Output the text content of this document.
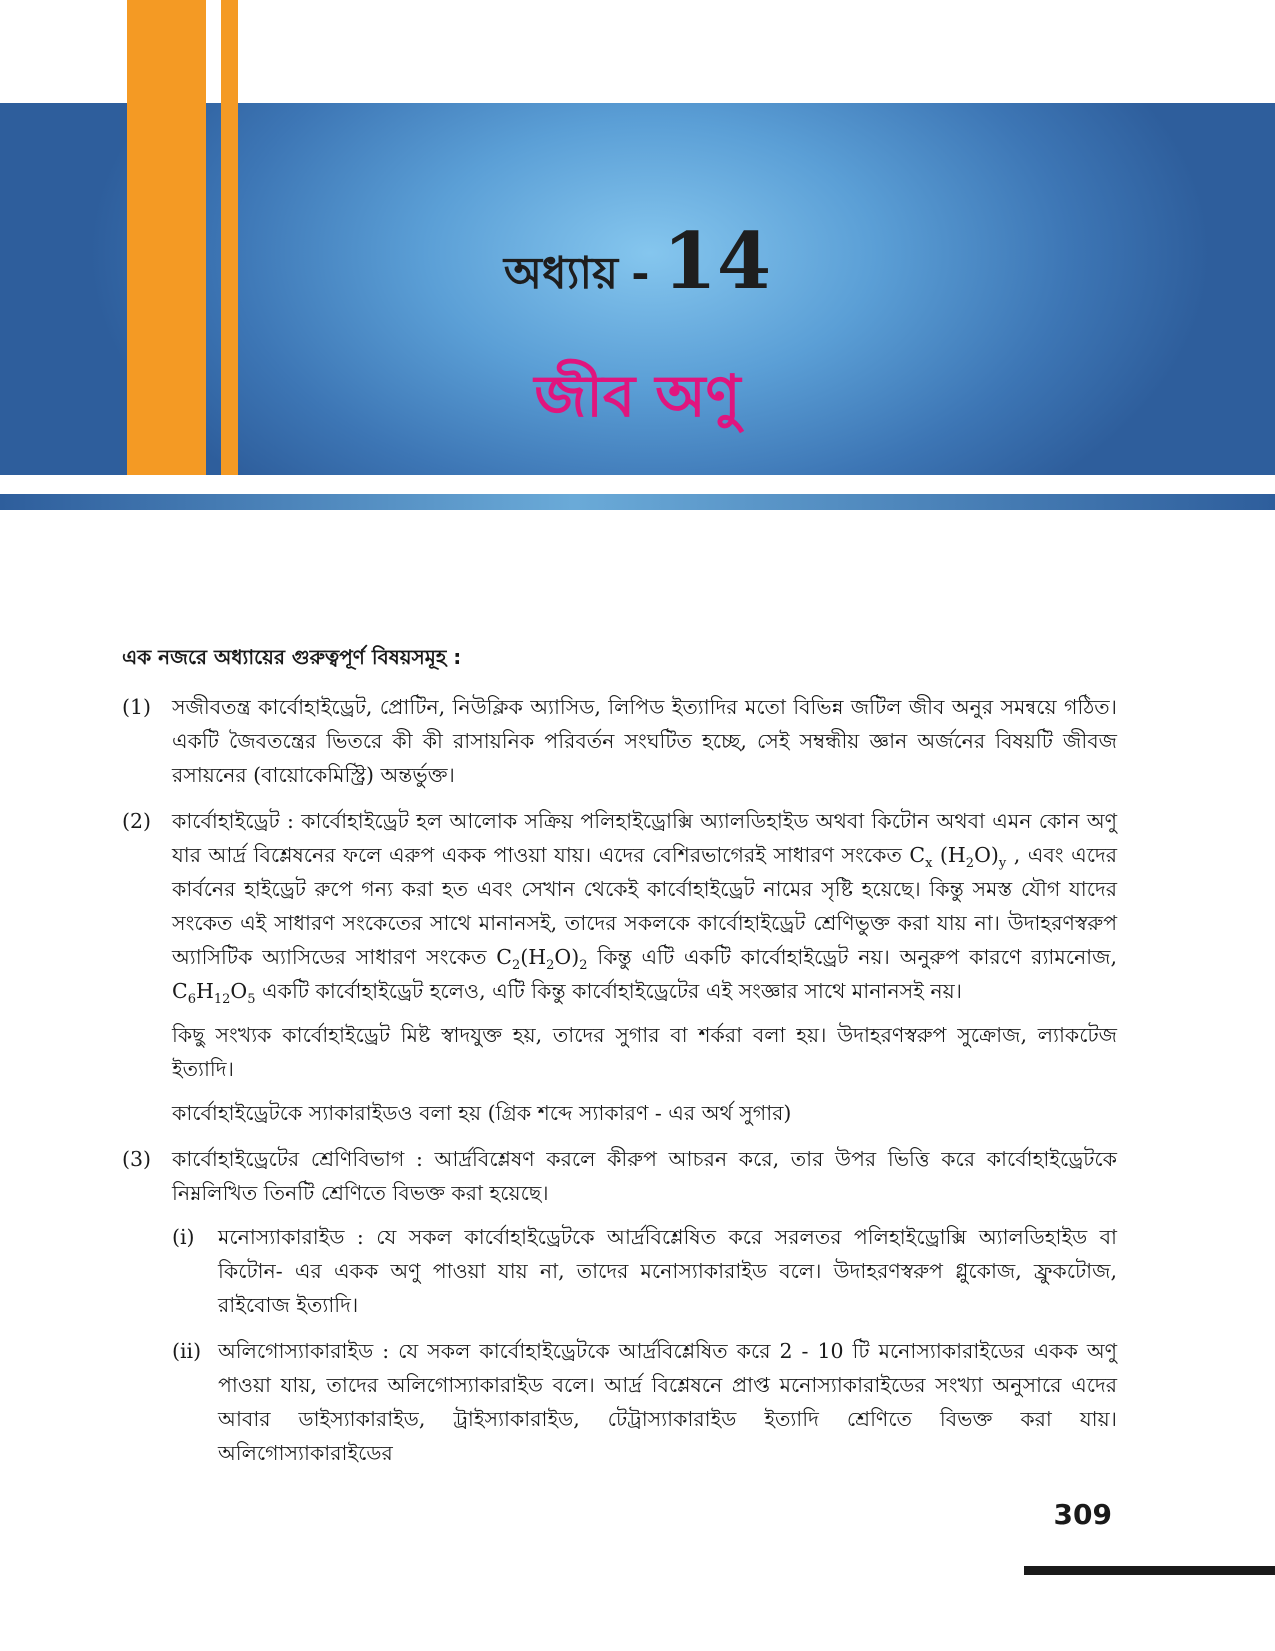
অধ্যায় - 14
জীব অণু
এক নজরে অধ্যায়ের গুরুত্বপূর্ণ বিষয়সমূহ :
(1) সজীবতন্ত্র কার্বোহাইড্রেট, প্রোটিন, নিউক্লিক অ্যাসিড, লিপিড ইত্যাদির মতো বিভিন্ন জটিল জীব অনুর সমন্বয়ে গঠিত। একটি জৈবতন্ত্রের ভিতরে কী কী রাসায়নিক পরিবর্তন সংঘটিত হচ্ছে, সেই সম্বন্ধীয় জ্ঞান অর্জনের বিষয়টি জীবজ রসায়নের (বায়োকেমিস্ট্রি) অন্তর্ভুক্ত।

(2) কার্বোহাইড্রেট : কার্বোহাইড্রেট হল আলোক সক্রিয় পলিহাইড্রোক্সি অ্যালডিহাইড অথবা কিটোন অথবা এমন কোন অণু যার আর্দ্র বিশ্লেষনের ফলে এরুপ একক পাওয়া যায়। এদের বেশিরভাগেরই সাধারণ সংকেত $C_x$ $(H_2O)_y$ , এবং এদের কার্বনের হাইড্রেট রুপে গন্য করা হত এবং সেখান থেকেই কার্বোহাইড্রেট নামের সৃষ্টি হয়েছে। কিন্তু সমস্ত যৌগ যাদের সংকেত এই সাধারণ সংকেতের সাথে মানানসই, তাদের সকলকে কার্বোহাইড্রেট শ্রেণিভুক্ত করা যায় না। উদাহরণস্বরুপ অ্যাসিটিক অ্যাসিডের সাধারণ সংকেত $C_2(H_2O)_2$ কিন্তু এটি একটি কার্বোহাইড্রেট নয়। অনুরুপ কারণে র‍্যামনোজ, $C_6H_{12}O_5$ একটি কার্বোহাইড্রেট হলেও, এটি কিন্তু কার্বোহাইড্রেটের এই সংজ্ঞার সাথে মানানসই নয়।

কিছু সংখ্যক কার্বোহাইড্রেট মিষ্ট স্বাদযুক্ত হয়, তাদের সুগার বা শর্করা বলা হয়। উদাহরণস্বরুপ সুক্রোজ, ল্যাকটেজ ইত্যাদি।

কার্বোহাইড্রেটকে স্যাকারাইডও বলা হয় (গ্রিক শব্দে স্যাকারণ - এর অর্থ সুগার)

(3) কার্বোহাইড্রেটের শ্রেণিবিভাগ : আর্দ্রবিশ্লেষণ করলে কীরুপ আচরন করে, তার উপর ভিত্তি করে কার্বোহাইড্রেটকে নিম্নলিখিত তিনটি শ্রেণিতে বিভক্ত করা হয়েছে।

(i) মনোস্যাকারাইড : যে সকল কার্বোহাইড্রেটকে আর্দ্রবিশ্লেষিত করে সরলতর পলিহাইড্রোক্সি অ্যালডিহাইড বা কিটোন- এর একক অণু পাওয়া যায় না, তাদের মনোস্যাকারাইড বলে। উদাহরণস্বরুপ গ্লুকোজ, ফ্রুকটোজ, রাইবোজ ইত্যাদি।

(ii) অলিগোস্যাকারাইড : যে সকল কার্বোহাইড্রেটকে আর্দ্রবিশ্লেষিত করে 2 - 10 টি মনোস্যাকারাইডের একক অণু পাওয়া যায়, তাদের অলিগোস্যাকারাইড বলে। আর্দ্র বিশ্লেষনে প্রাপ্ত মনোস্যাকারাইডের সংখ্যা অনুসারে এদের আবার ডাইস্যাকারাইড, ট্রাইস্যাকারাইড, টেট্রাস্যাকারাইড ইত্যাদি শ্রেণিতে বিভক্ত করা যায়। অলিগোস্যাকারাইডের

309
